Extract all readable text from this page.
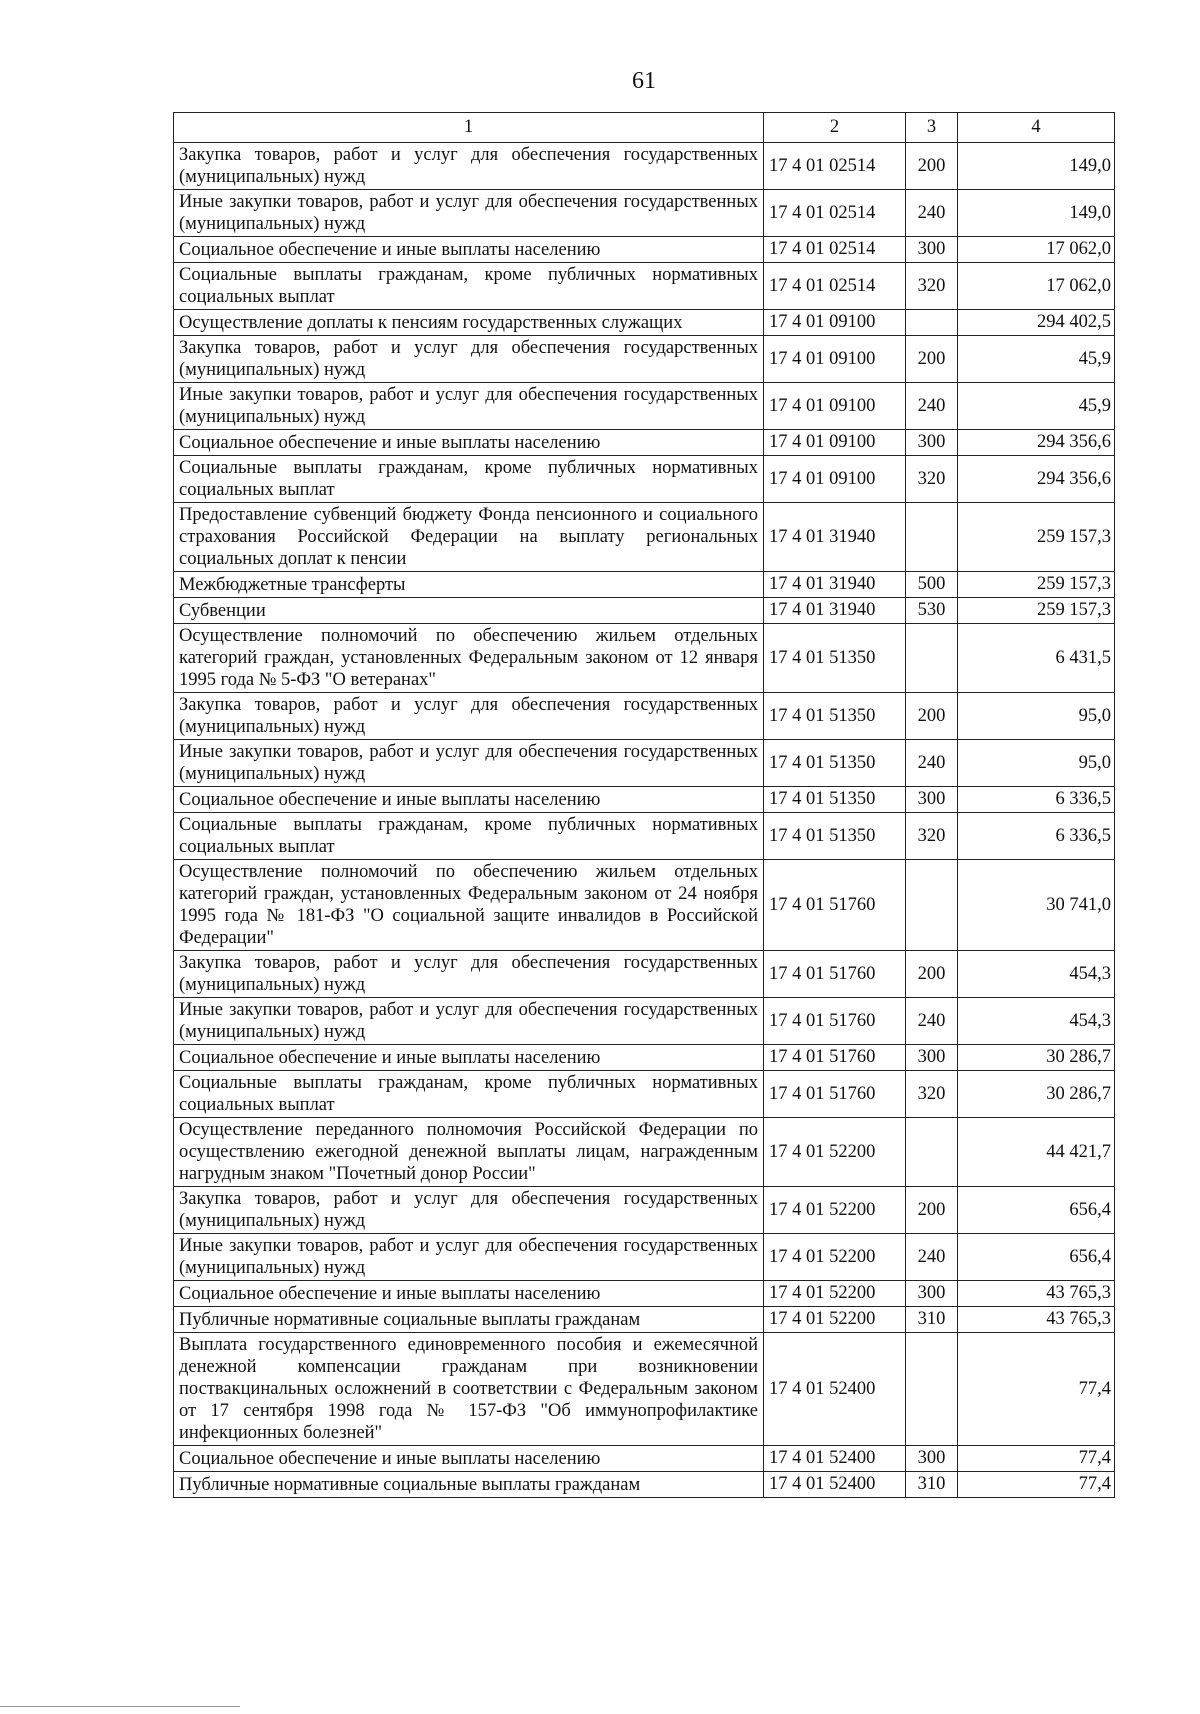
61
1	2	3	4
Закупка товаров, работ и услуг для обеспечения государственных (муниципальных) нужд	17 4 01 02514	200	149,0
Иные закупки товаров, работ и услуг для обеспечения государственных (муниципальных) нужд	17 4 01 02514	240	149,0
Социальное обеспечение и иные выплаты населению	17 4 01 02514	300	17 062,0
Социальные выплаты гражданам, кроме публичных нормативных социальных выплат	17 4 01 02514	320	17 062,0
Осуществление доплаты к пенсиям государственных служащих	17 4 01 09100		294 402,5
Закупка товаров, работ и услуг для обеспечения государственных (муниципальных) нужд	17 4 01 09100	200	45,9
Иные закупки товаров, работ и услуг для обеспечения государственных (муниципальных) нужд	17 4 01 09100	240	45,9
Социальное обеспечение и иные выплаты населению	17 4 01 09100	300	294 356,6
Социальные выплаты гражданам, кроме публичных нормативных социальных выплат	17 4 01 09100	320	294 356,6
Предоставление субвенций бюджету Фонда пенсионного и социального страхования Российской Федерации на выплату региональных социальных доплат к пенсии	17 4 01 31940		259 157,3
Межбюджетные трансферты	17 4 01 31940	500	259 157,3
Субвенции	17 4 01 31940	530	259 157,3
Осуществление полномочий по обеспечению жильем отдельных категорий граждан, установленных Федеральным законом от 12 января 1995 года № 5-ФЗ "О ветеранах"	17 4 01 51350		6 431,5
Закупка товаров, работ и услуг для обеспечения государственных (муниципальных) нужд	17 4 01 51350	200	95,0
Иные закупки товаров, работ и услуг для обеспечения государственных (муниципальных) нужд	17 4 01 51350	240	95,0
Социальное обеспечение и иные выплаты населению	17 4 01 51350	300	6 336,5
Социальные выплаты гражданам, кроме публичных нормативных социальных выплат	17 4 01 51350	320	6 336,5
Осуществление полномочий по обеспечению жильем отдельных категорий граждан, установленных Федеральным законом от 24 ноября 1995 года № 181-ФЗ "О социальной защите инвалидов в Российской Федерации"	17 4 01 51760		30 741,0
Закупка товаров, работ и услуг для обеспечения государственных (муниципальных) нужд	17 4 01 51760	200	454,3
Иные закупки товаров, работ и услуг для обеспечения государственных (муниципальных) нужд	17 4 01 51760	240	454,3
Социальное обеспечение и иные выплаты населению	17 4 01 51760	300	30 286,7
Социальные выплаты гражданам, кроме публичных нормативных социальных выплат	17 4 01 51760	320	30 286,7
Осуществление переданного полномочия Российской Федерации по осуществлению ежегодной денежной выплаты лицам, награжденным нагрудным знаком "Почетный донор России"	17 4 01 52200		44 421,7
Закупка товаров, работ и услуг для обеспечения государственных (муниципальных) нужд	17 4 01 52200	200	656,4
Иные закупки товаров, работ и услуг для обеспечения государственных (муниципальных) нужд	17 4 01 52200	240	656,4
Социальное обеспечение и иные выплаты населению	17 4 01 52200	300	43 765,3
Публичные нормативные социальные выплаты гражданам	17 4 01 52200	310	43 765,3
Выплата государственного единовременного пособия и ежемесячной денежной компенсации гражданам при возникновении поствакцинальных осложнений в соответствии с Федеральным законом от 17 сентября 1998 года № 157-ФЗ "Об иммунопрофилактике инфекционных болезней"	17 4 01 52400		77,4
Социальное обеспечение и иные выплаты населению	17 4 01 52400	300	77,4
Публичные нормативные социальные выплаты гражданам	17 4 01 52400	310	77,4
